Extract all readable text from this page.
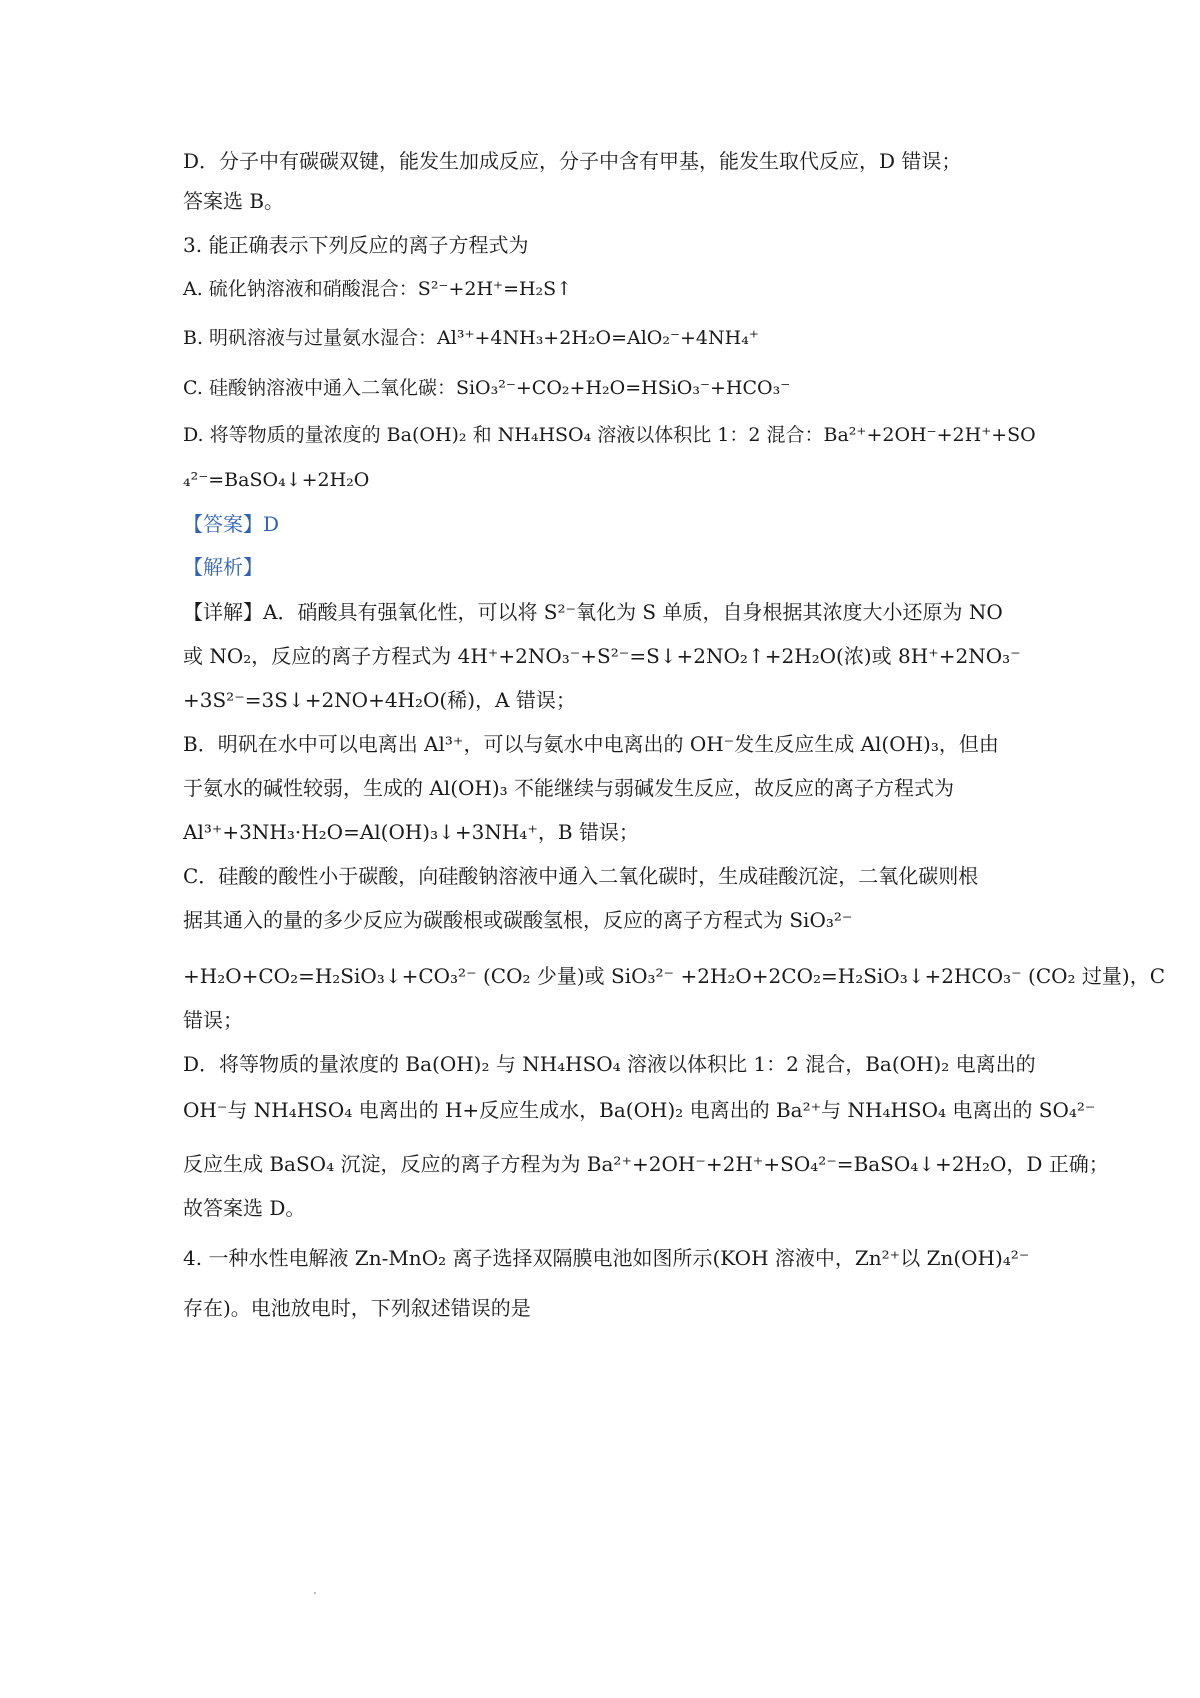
D．分子中有碳碳双键，能发生加成反应，分子中含有甲基，能发生取代反应，D 错误；
答案选 B。
3. 能正确表示下列反应的离子方程式为
A. 硫化钠溶液和硝酸混合：S²⁻+2H⁺=H₂S↑
B. 明矾溶液与过量氨水湿合：Al³⁺+4NH₃+2H₂O=AlO₂⁻+4NH₄⁺
C. 硅酸钠溶液中通入二氧化碳：SiO₃²⁻+CO₂+H₂O=HSiO₃⁻+HCO₃⁻
D. 将等物质的量浓度的 Ba(OH)₂ 和 NH₄HSO₄ 溶液以体积比 1：2 混合：Ba²⁺+2OH⁻+2H⁺+SO
₄²⁻=BaSO₄↓+2H₂O
【答案】D
【解析】
【详解】A．硝酸具有强氧化性，可以将 S²⁻氧化为 S 单质，自身根据其浓度大小还原为 NO
或 NO₂，反应的离子方程式为 4H⁺+2NO₃⁻+S²⁻=S↓+2NO₂↑+2H₂O(浓)或 8H⁺+2NO₃⁻
+3S²⁻=3S↓+2NO+4H₂O(稀)，A 错误；
B．明矾在水中可以电离出 Al³⁺，可以与氨水中电离出的 OH⁻发生反应生成 Al(OH)₃，但由
于氨水的碱性较弱，生成的 Al(OH)₃ 不能继续与弱碱发生反应，故反应的离子方程式为
Al³⁺+3NH₃·H₂O=Al(OH)₃↓+3NH₄⁺，B 错误；
C．硅酸的酸性小于碳酸，向硅酸钠溶液中通入二氧化碳时，生成硅酸沉淀，二氧化碳则根
据其通入的量的多少反应为碳酸根或碳酸氢根，反应的离子方程式为 SiO₃²⁻
+H₂O+CO₂=H₂SiO₃↓+CO₃²⁻ (CO₂ 少量)或 SiO₃²⁻ +2H₂O+2CO₂=H₂SiO₃↓+2HCO₃⁻ (CO₂ 过量)，C
错误；
D．将等物质的量浓度的 Ba(OH)₂ 与 NH₄HSO₄ 溶液以体积比 1：2 混合，Ba(OH)₂ 电离出的
OH⁻与 NH₄HSO₄ 电离出的 H+反应生成水，Ba(OH)₂ 电离出的 Ba²⁺与 NH₄HSO₄ 电离出的 SO₄²⁻
反应生成 BaSO₄ 沉淀，反应的离子方程为为 Ba²⁺+2OH⁻+2H⁺+SO₄²⁻=BaSO₄↓+2H₂O，D 正确；
故答案选 D。
4. 一种水性电解液 Zn-MnO₂ 离子选择双隔膜电池如图所示(KOH 溶液中，Zn²⁺以 Zn(OH)₄²⁻
存在)。电池放电时，下列叙述错误的是
